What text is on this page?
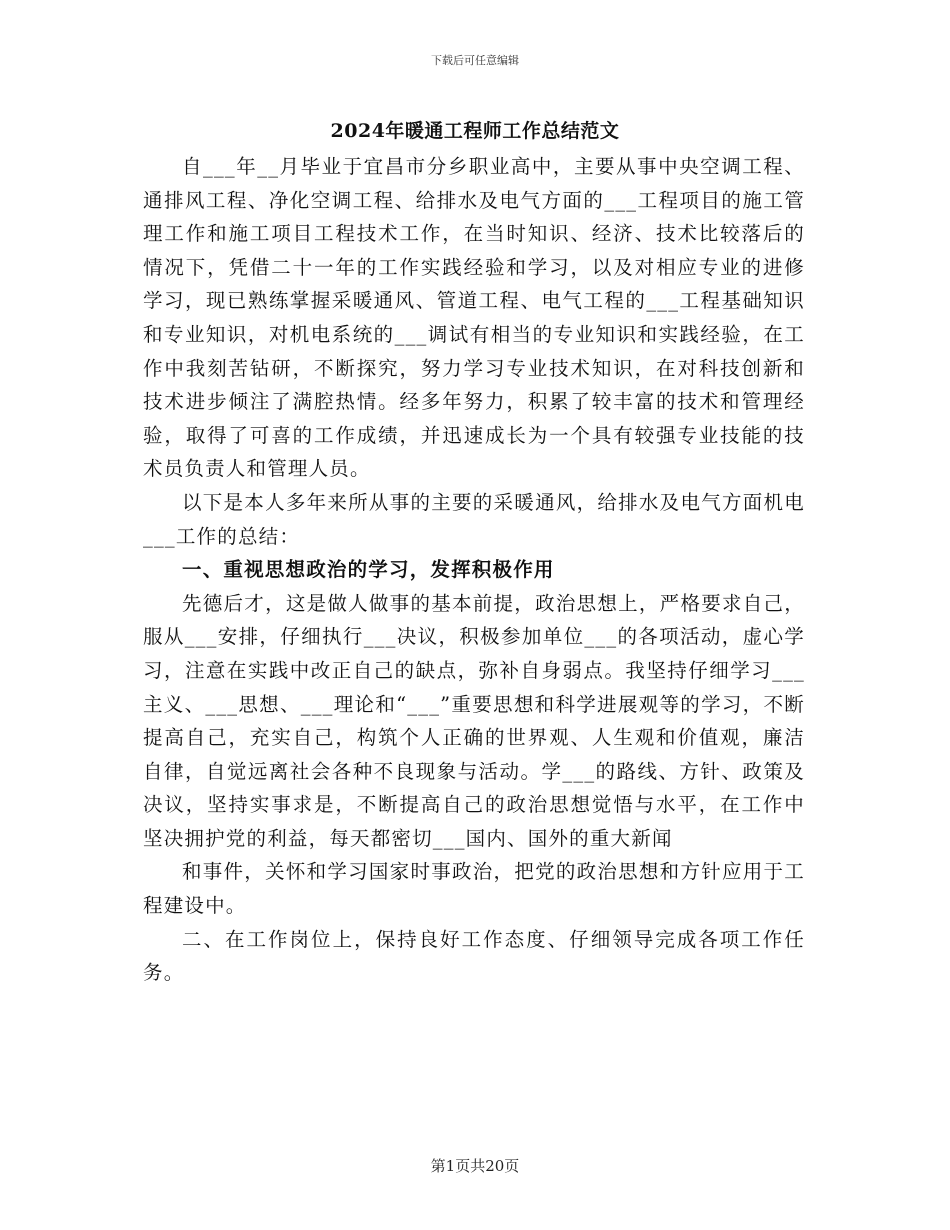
下载后可任意编辑
2024年暖通工程师工作总结范文

自___年__月毕业于宜昌市分乡职业高中，主要从事中央空调工程、通排风工程、净化空调工程、给排水及电气方面的___工程项目的施工管理工作和施工项目工程技术工作，在当时知识、经济、技术比较落后的情况下，凭借二十一年的工作实践经验和学习，以及对相应专业的进修学习，现已熟练掌握采暖通风、管道工程、电气工程的___工程基础知识和专业知识，对机电系统的___调试有相当的专业知识和实践经验，在工作中我刻苦钻研，不断探究，努力学习专业技术知识，在对科技创新和技术进步倾注了满腔热情。经多年努力，积累了较丰富的技术和管理经验，取得了可喜的工作成绩，并迅速成长为一个具有较强专业技能的技术员负责人和管理人员。

以下是本人多年来所从事的主要的采暖通风，给排水及电气方面机电___工作的总结：

一、重视思想政治的学习，发挥积极作用

先德后才，这是做人做事的基本前提，政治思想上，严格要求自己，服从___安排，仔细执行___决议，积极参加单位___的各项活动，虚心学习，注意在实践中改正自己的缺点，弥补自身弱点。我坚持仔细学习___主义、___思想、___理论和“___”重要思想和科学进展观等的学习，不断提高自己，充实自己，构筑个人正确的世界观、人生观和价值观，廉洁自律，自觉远离社会各种不良现象与活动。学___的路线、方针、政策及决议，坚持实事求是，不断提高自己的政治思想觉悟与水平，在工作中坚决拥护党的利益，每天都密切___国内、国外的重大新闻

和事件，关怀和学习国家时事政治，把党的政治思想和方针应用于工程建设中。

二、在工作岗位上，保持良好工作态度、仔细领导完成各项工作任务。

第1页共20页
